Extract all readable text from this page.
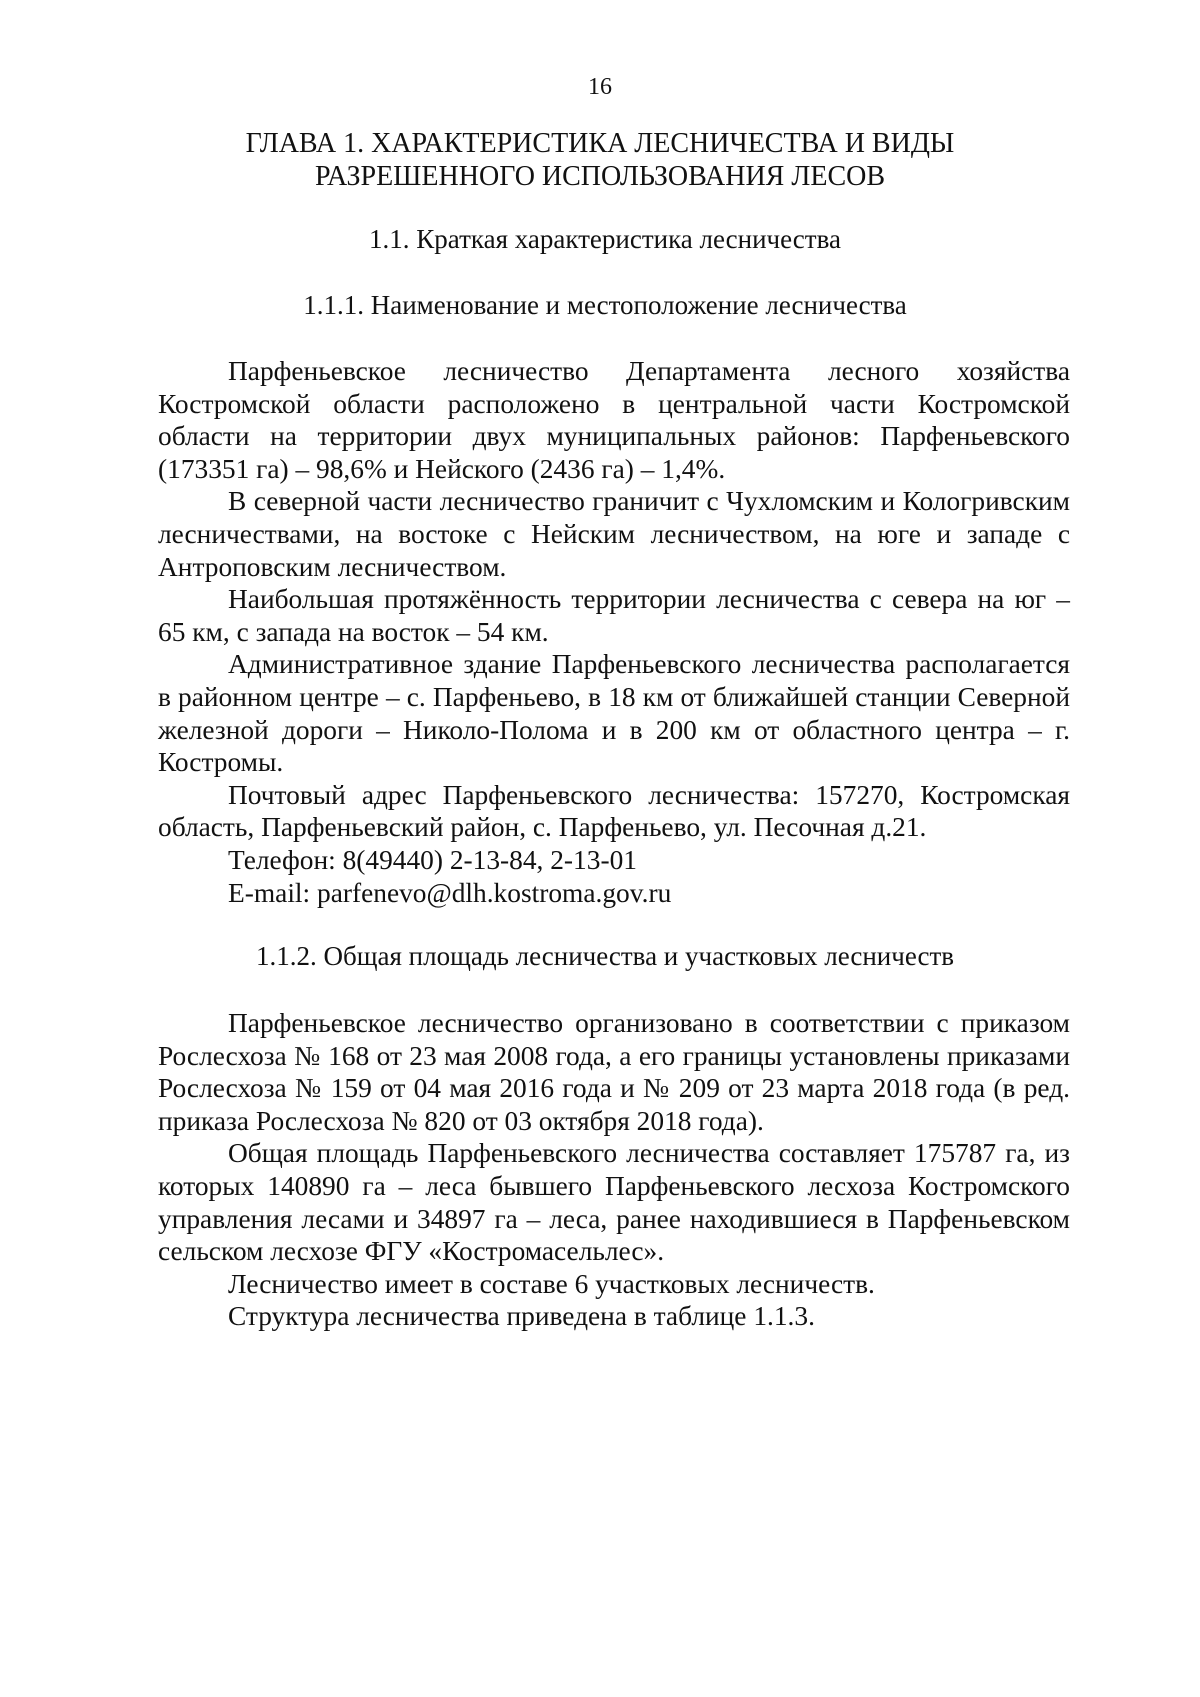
16
ГЛАВА 1. ХАРАКТЕРИСТИКА ЛЕСНИЧЕСТВА И ВИДЫ
РАЗРЕШЕННОГО ИСПОЛЬЗОВАНИЯ ЛЕСОВ
1.1. Краткая характеристика лесничества
1.1.1. Наименование и местоположение лесничества

Парфеньевское лесничество Департамента лесного хозяйства Костромской области расположено в центральной части Костромской области на территории двух муниципальных районов: Парфеньевского (173351 га) – 98,6% и Нейского (2436 га) – 1,4%.

В северной части лесничество граничит с Чухломским и Кологривским лесничествами, на востоке с Нейским лесничеством, на юге и западе с Антроповским лесничеством.

Наибольшая протяжённость территории лесничества с севера на юг – 65 км, с запада на восток – 54 км.

Административное здание Парфеньевского лесничества располагается в районном центре – с. Парфеньево, в 18 км от ближайшей станции Северной железной дороги – Николо-Полома и в 200 км от областного центра – г. Костромы.

Почтовый адрес Парфеньевского лесничества: 157270, Костромская область, Парфеньевский район, с. Парфеньево, ул. Песочная д.21.

Телефон: 8(49440) 2-13-84, 2-13-01

E-mail: parfenevo@dlh.kostroma.gov.ru

1.1.2. Общая площадь лесничества и участковых лесничеств

Парфеньевское лесничество организовано в соответствии с приказом Рослесхоза № 168 от 23 мая 2008 года, а его границы установлены приказами Рослесхоза № 159 от 04 мая 2016 года и № 209 от 23 марта 2018 года (в ред. приказа Рослесхоза № 820 от 03 октября 2018 года).

Общая площадь Парфеньевского лесничества составляет 175787 га, из которых 140890 га – леса бывшего Парфеньевского лесхоза Костромского управления лесами и 34897 га – леса, ранее находившиеся в Парфеньевском сельском лесхозе ФГУ «Костромасельлес».

Лесничество имеет в составе 6 участковых лесничеств.

Структура лесничества приведена в таблице 1.1.3.
